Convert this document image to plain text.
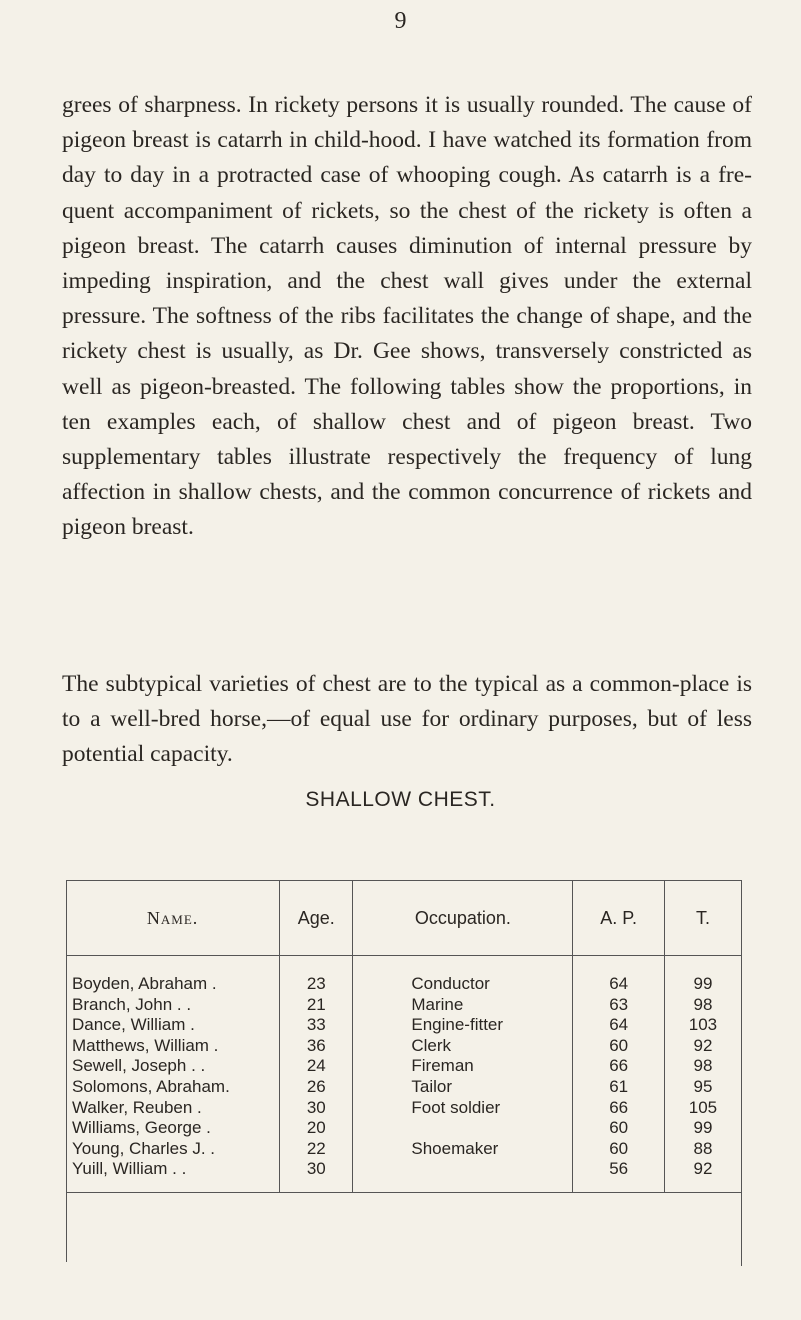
9

grees of sharpness. In rickety persons it is usually rounded. The cause of pigeon breast is catarrh in child-hood. I have watched its formation from day to day in a protracted case of whooping cough. As catarrh is a fre-quent accompaniment of rickets, so the chest of the rickety is often a pigeon breast. The catarrh causes diminution of internal pressure by impeding inspiration, and the chest wall gives under the external pressure. The softness of the ribs facilitates the change of shape, and the rickety chest is usually, as Dr. Gee shows, transversely constricted as well as pigeon-breasted. The following tables show the proportions, in ten examples each, of shallow chest and of pigeon breast. Two supplementary tables illustrate respectively the frequency of lung affection in shallow chests, and the common concurrence of rickets and pigeon breast.

The subtypical varieties of chest are to the typical as a common-place is to a well-bred horse,—of equal use for ordinary purposes, but of less potential capacity.

SHALLOW CHEST.
Name.	Age.	Occupation.	A. P.	T.
Boyden, Abraham .	23	Conductor	64	99
Branch, John . .	21	Marine	63	98
Dance, William .	33	Engine-fitter	64	103
Matthews, William .	36	Clerk	60	92
Sewell, Joseph . .	24	Fireman	66	98
Solomons, Abraham.	26	Tailor	61	95
Walker, Reuben .	30	Foot soldier	66	105
Williams, George .	20		60	99
Young, Charles J. .	22	Shoemaker	60	88
Yuill, William . .	30		56	92
